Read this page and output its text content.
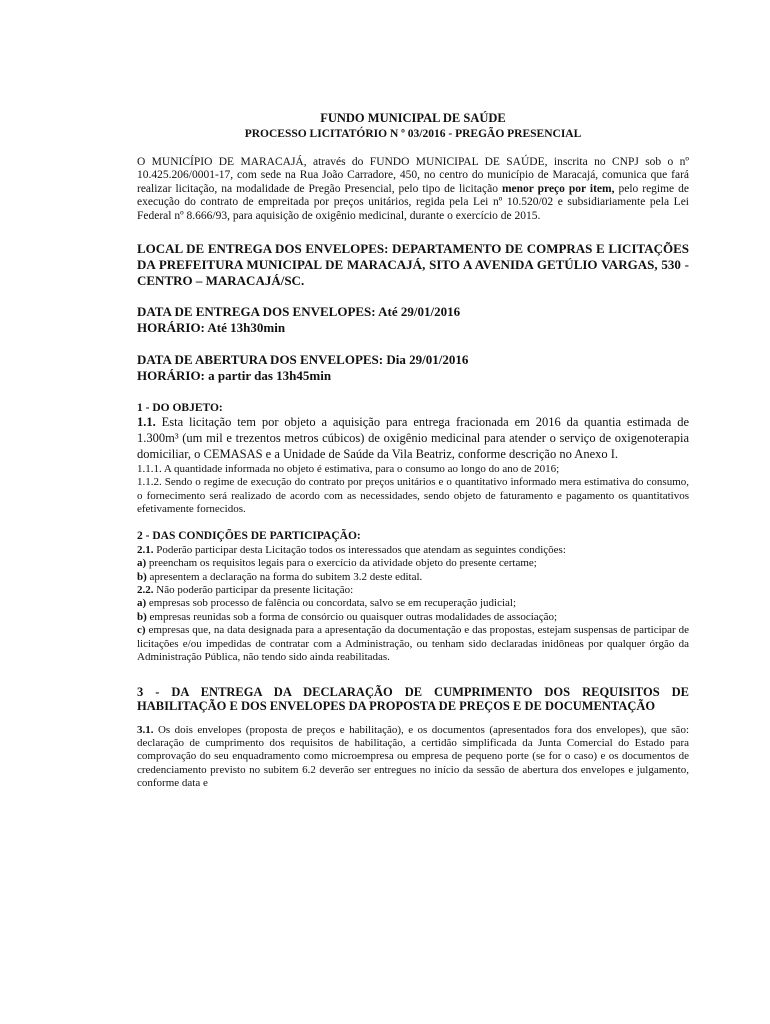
FUNDO MUNICIPAL DE SAÚDE
PROCESSO LICITATÓRIO N º 03/2016 - PREGÃO PRESENCIAL

O MUNICÍPIO DE MARACAJÁ, através do FUNDO MUNICIPAL DE SAÚDE, inscrita no CNPJ sob o nº 10.425.206/0001-17, com sede na Rua João Carradore, 450, no centro do município de Maracajá, comunica que fará realizar licitação, na modalidade de Pregão Presencial, pelo tipo de licitação menor preço por item, pelo regime de execução do contrato de empreitada por preços unitários, regida pela Lei nº 10.520/02 e subsidiariamente pela Lei Federal nº 8.666/93, para aquisição de oxigênio medicinal, durante o exercício de 2015.

LOCAL DE ENTREGA DOS ENVELOPES: DEPARTAMENTO DE COMPRAS E LICITAÇÕES DA PREFEITURA MUNICIPAL DE MARACAJÁ, SITO A AVENIDA GETÚLIO VARGAS, 530 - CENTRO – MARACAJÁ/SC.
DATA DE ENTREGA DOS ENVELOPES: Até 29/01/2016
HORÁRIO: Até 13h30min
DATA DE ABERTURA DOS ENVELOPES: Dia 29/01/2016
HORÁRIO: a partir das 13h45min
1 - DO OBJETO:

1.1. Esta licitação tem por objeto a aquisição para entrega fracionada em 2016 da quantia estimada de 1.300m³ (um mil e trezentos metros cúbicos) de oxigênio medicinal para atender o serviço de oxigenoterapia domiciliar, o CEMASAS e a Unidade de Saúde da Vila Beatriz, conforme descrição no Anexo I.

1.1.1. A quantidade informada no objeto é estimativa, para o consumo ao longo do ano de 2016;

1.1.2. Sendo o regime de execução do contrato por preços unitários e o quantitativo informado mera estimativa do consumo, o fornecimento será realizado de acordo com as necessidades, sendo objeto de faturamento e pagamento os quantitativos efetivamente fornecidos.

2 - DAS CONDIÇÕES DE PARTICIPAÇÃO:

2.1. Poderão participar desta Licitação todos os interessados que atendam as seguintes condições:

a) preencham os requisitos legais para o exercício da atividade objeto do presente certame;

b) apresentem a declaração na forma do subitem 3.2 deste edital.

2.2. Não poderão participar da presente licitação:

a) empresas sob processo de falência ou concordata, salvo se em recuperação judicial;

b) empresas reunidas sob a forma de consórcio ou quaisquer outras modalidades de associação;

c) empresas que, na data designada para a apresentação da documentação e das propostas, estejam suspensas de participar de licitações e/ou impedidas de contratar com a Administração, ou tenham sido declaradas inidôneas por qualquer órgão da Administração Pública, não tendo sido ainda reabilitadas.

3 - DA ENTREGA DA DECLARAÇÃO DE CUMPRIMENTO DOS REQUISITOS DE HABILITAÇÃO E DOS ENVELOPES DA PROPOSTA DE PREÇOS E DE DOCUMENTAÇÃO

3.1. Os dois envelopes (proposta de preços e habilitação), e os documentos (apresentados fora dos envelopes), que são: declaração de cumprimento dos requisitos de habilitação, a certidão simplificada da Junta Comercial do Estado para comprovação do seu enquadramento como microempresa ou empresa de pequeno porte (se for o caso) e os documentos de credenciamento previsto no subitem 6.2 deverão ser entregues no início da sessão de abertura dos envelopes e julgamento, conforme data e
